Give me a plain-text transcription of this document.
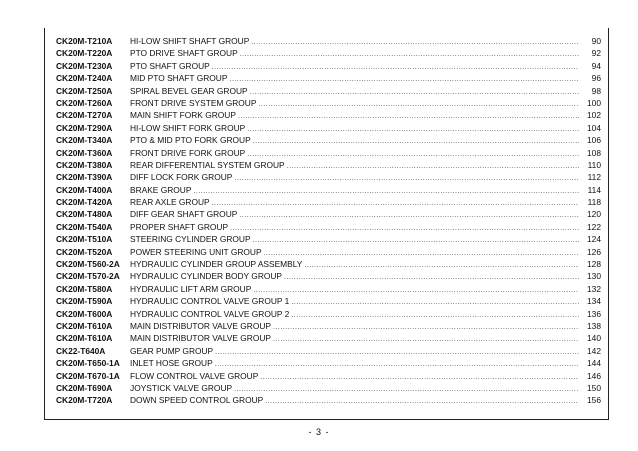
CK20M-T210A	HI-LOW SHIFT SHAFT GROUP .....	90
CK20M-T220A	PTO DRIVE SHAFT GROUP .....	92
CK20M-T230A	PTO SHAFT GROUP .....	94
CK20M-T240A	MID PTO SHAFT GROUP .....	96
CK20M-T250A	SPIRAL BEVEL GEAR GROUP .....	98
CK20M-T260A	FRONT DRIVE SYSTEM GROUP .....	100
CK20M-T270A	MAIN SHIFT FORK GROUP .....	102
CK20M-T290A	HI-LOW SHIFT FORK GROUP .....	104
CK20M-T340A	PTO & MID PTO FORK GROUP .....	106
CK20M-T360A	FRONT DRIVE FORK GROUP .....	108
CK20M-T380A	REAR DIFFERENTIAL SYSTEM GROUP .....	110
CK20M-T390A	DIFF LOCK FORK GROUP .....	112
CK20M-T400A	BRAKE GROUP .....	114
CK20M-T420A	REAR AXLE GROUP .....	118
CK20M-T480A	DIFF GEAR SHAFT GROUP .....	120
CK20M-T540A	PROPER SHAFT GROUP .....	122
CK20M-T510A	STEERING CYLINDER GROUP .....	124
CK20M-T520A	POWER STEERING UNIT GROUP .....	126
CK20M-T560-2A	HYDRAULIC CYLINDER GROUP ASSEMBLY .....	128
CK20M-T570-2A	HYDRAULIC CYLINDER BODY GROUP .....	130
CK20M-T580A	HYDRAULIC LIFT ARM GROUP .....	132
CK20M-T590A	HYDRAULIC CONTROL VALVE GROUP 1 .....	134
CK20M-T600A	HYDRAULIC CONTROL VALVE GROUP 2 .....	136
CK20M-T610A	MAIN DISTRIBUTOR VALVE GROUP .....	138
CK20M-T610A	MAIN DISTRIBUTOR VALVE GROUP .....	140
CK22-T640A	GEAR PUMP GROUP .....	142
CK20M-T650-1A	INLET HOSE GROUP .....	144
CK20M-T670-1A	FLOW CONTROL VALVE GROUP .....	146
CK20M-T690A	JOYSTICK VALVE GROUP .....	150
CK20M-T720A	DOWN SPEED CONTROL GROUP .....	156
- 3 -
